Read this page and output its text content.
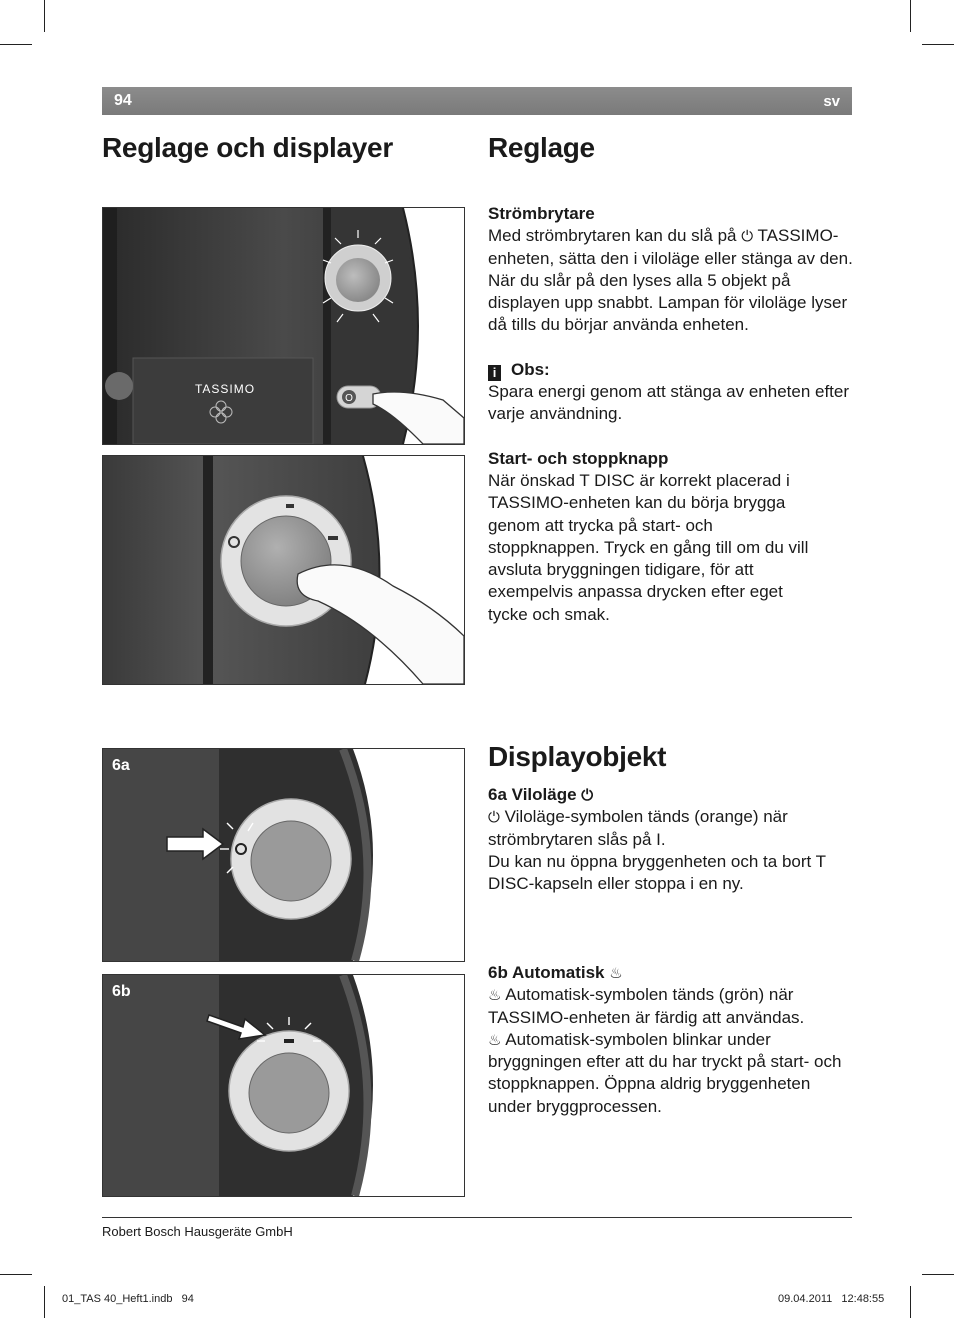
94	sv
Reglage och displayer	Reglage
Displayobjekt
TASSIMO
O
6a
6b

Strömbrytare

Med strömbrytaren kan du slå på ⏻ TASSIMO-enheten, sätta den i viloläge eller stänga av den. När du slår på den lyses alla 5 objekt på displayen upp snabbt. Lampan för viloläge lyser då tills du börjar använda enheten.

i Obs:

Spara energi genom att stänga av enheten efter varje användning.

Start- och stoppknapp

När önskad T DISC är korrekt placerad i TASSIMO-enheten kan du börja brygga genom att trycka på start- och stoppknappen. Tryck en gång till om du vill avsluta bryggningen tidigare, för att exempelvis anpassa drycken efter eget tycke och smak.

6a Viloläge ⏻

⏻ Viloläge-symbolen tänds (orange) när strömbrytaren slås på I.

Du kan nu öppna bryggenheten och ta bort T DISC-kapseln eller stoppa i en ny.

6b Automatisk ♨

♨ Automatisk-symbolen tänds (grön) när TASSIMO-enheten är färdig att användas.

♨ Automatisk-symbolen blinkar under bryggningen efter att du har tryckt på start- och stoppknappen. Öppna aldrig bryggenheten under bryggprocessen.

Robert Bosch Hausgeräte GmbH
01_TAS 40_Heft1.indb   94	09.04.2011   12:48:55
